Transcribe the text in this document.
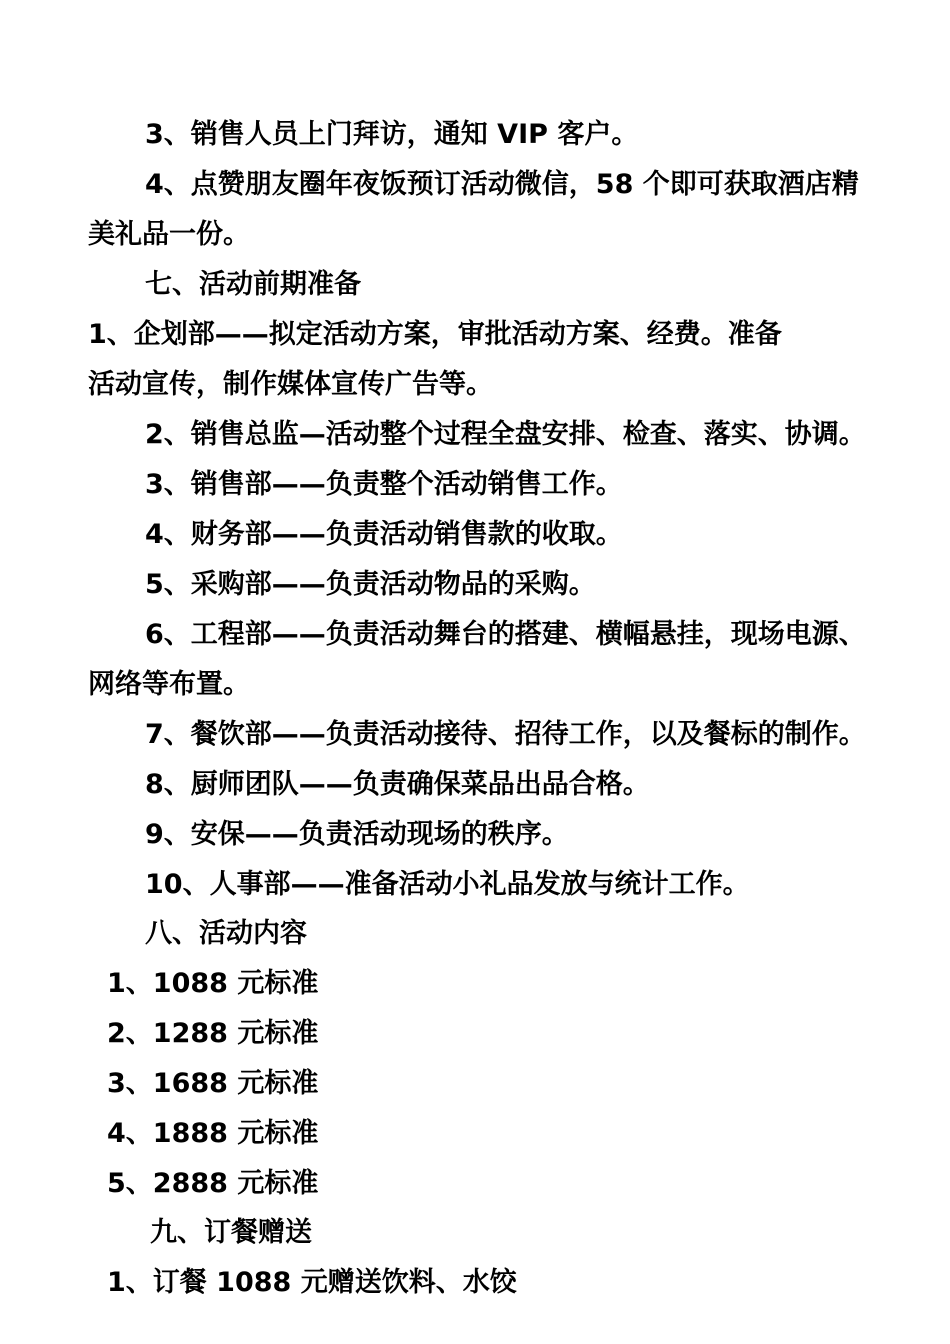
3、销售人员上门拜访，通知 VIP 客户。
4、点赞朋友圈年夜饭预订活动微信，58 个即可获取酒店精
美礼品一份。
七、活动前期准备
1、企划部——拟定活动方案，审批活动方案、经费。准备
活动宣传，制作媒体宣传广告等。
2、销售总监—活动整个过程全盘安排、检查、落实、协调。
3、销售部——负责整个活动销售工作。
4、财务部——负责活动销售款的收取。
5、采购部——负责活动物品的采购。
6、工程部——负责活动舞台的搭建、横幅悬挂，现场电源、
网络等布置。
7、餐饮部——负责活动接待、招待工作，以及餐标的制作。
8、厨师团队——负责确保菜品出品合格。
9、安保——负责活动现场的秩序。
10、人事部——准备活动小礼品发放与统计工作。
八、活动内容
1、1088 元标准
2、1288 元标准
3、1688 元标准
4、1888 元标准
5、2888 元标准
九、订餐赠送
1、订餐 1088 元赠送饮料、水饺
